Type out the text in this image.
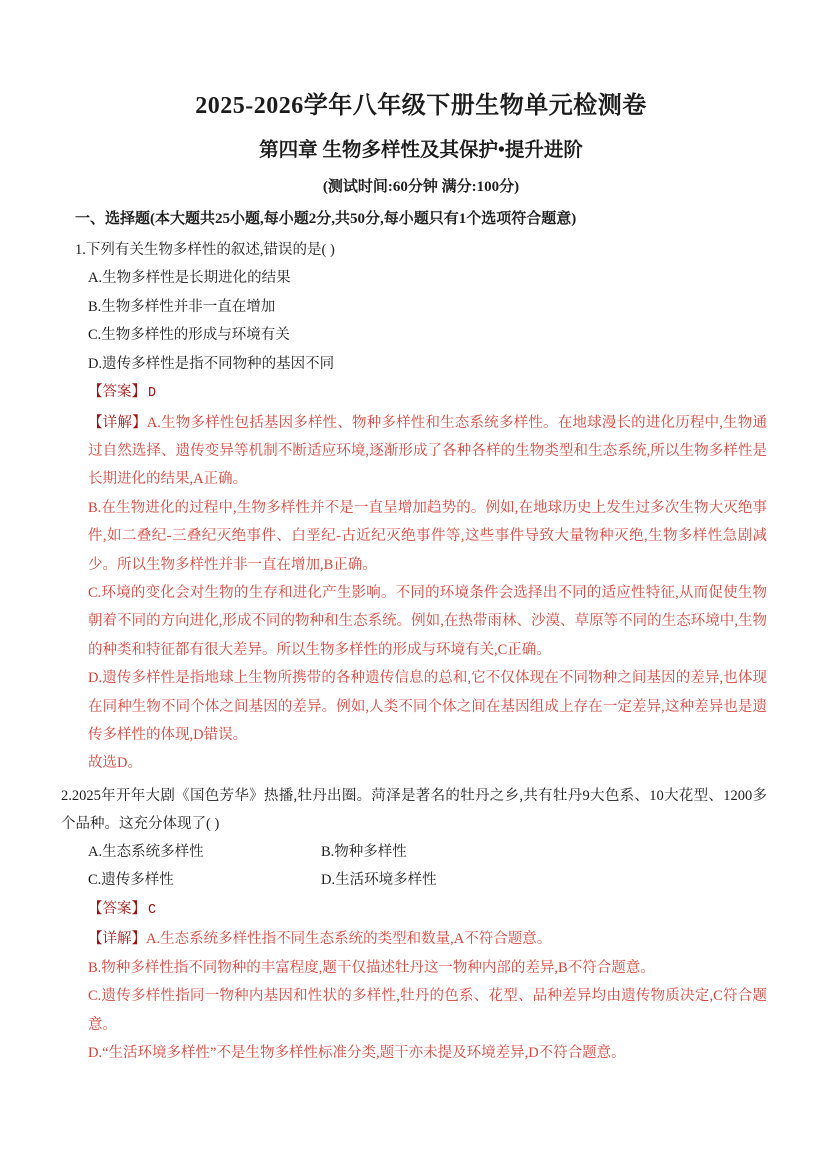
2025-2026学年八年级下册生物单元检测卷
第四章 生物多样性及其保护•提升进阶
(测试时间:60分钟 满分:100分)
一、选择题(本大题共25小题,每小题2分,共50分,每小题只有1个选项符合题意)

1.下列有关生物多样性的叙述,错误的是( )

A.生物多样性是长期进化的结果

B.生物多样性并非一直在增加

C.生物多样性的形成与环境有关

D.遗传多样性是指不同物种的基因不同

【答案】 D

【详解】A.生物多样性包括基因多样性、物种多样性和生态系统多样性。在地球漫长的进化历程中,生物通过自然选择、遗传变异等机制不断适应环境,逐渐形成了各种各样的生物类型和生态系统,所以生物多样性是长期进化的结果,A正确。

B.在生物进化的过程中,生物多样性并不是一直呈增加趋势的。例如,在地球历史上发生过多次生物大灭绝事件,如二叠纪-三叠纪灭绝事件、白垩纪-古近纪灭绝事件等,这些事件导致大量物种灭绝,生物多样性急剧减少。所以生物多样性并非一直在增加,B正确。

C.环境的变化会对生物的生存和进化产生影响。不同的环境条件会选择出不同的适应性特征,从而促使生物朝着不同的方向进化,形成不同的物种和生态系统。例如,在热带雨林、沙漠、草原等不同的生态环境中,生物的种类和特征都有很大差异。所以生物多样性的形成与环境有关,C正确。

D.遗传多样性是指地球上生物所携带的各种遗传信息的总和,它不仅体现在不同物种之间基因的差异,也体现在同种生物不同个体之间基因的差异。例如,人类不同个体之间在基因组成上存在一定差异,这种差异也是遗传多样性的体现,D错误。

故选D。

2.2025年开年大剧《国色芳华》热播,牡丹出圈。菏泽是著名的牡丹之乡,共有牡丹9大色系、10大花型、1200多个品种。这充分体现了( )

A.生态系统多样性	B.物种多样性

C.遗传多样性	D.生活环境多样性

【答案】 C

【详解】A.生态系统多样性指不同生态系统的类型和数量,A不符合题意。

B.物种多样性指不同物种的丰富程度,题干仅描述牡丹这一物种内部的差异,B不符合题意。

C.遗传多样性指同一物种内基因和性状的多样性,牡丹的色系、花型、品种差异均由遗传物质决定,C符合题意。

D.“生活环境多样性”不是生物多样性标准分类,题干亦未提及环境差异,D不符合题意。
